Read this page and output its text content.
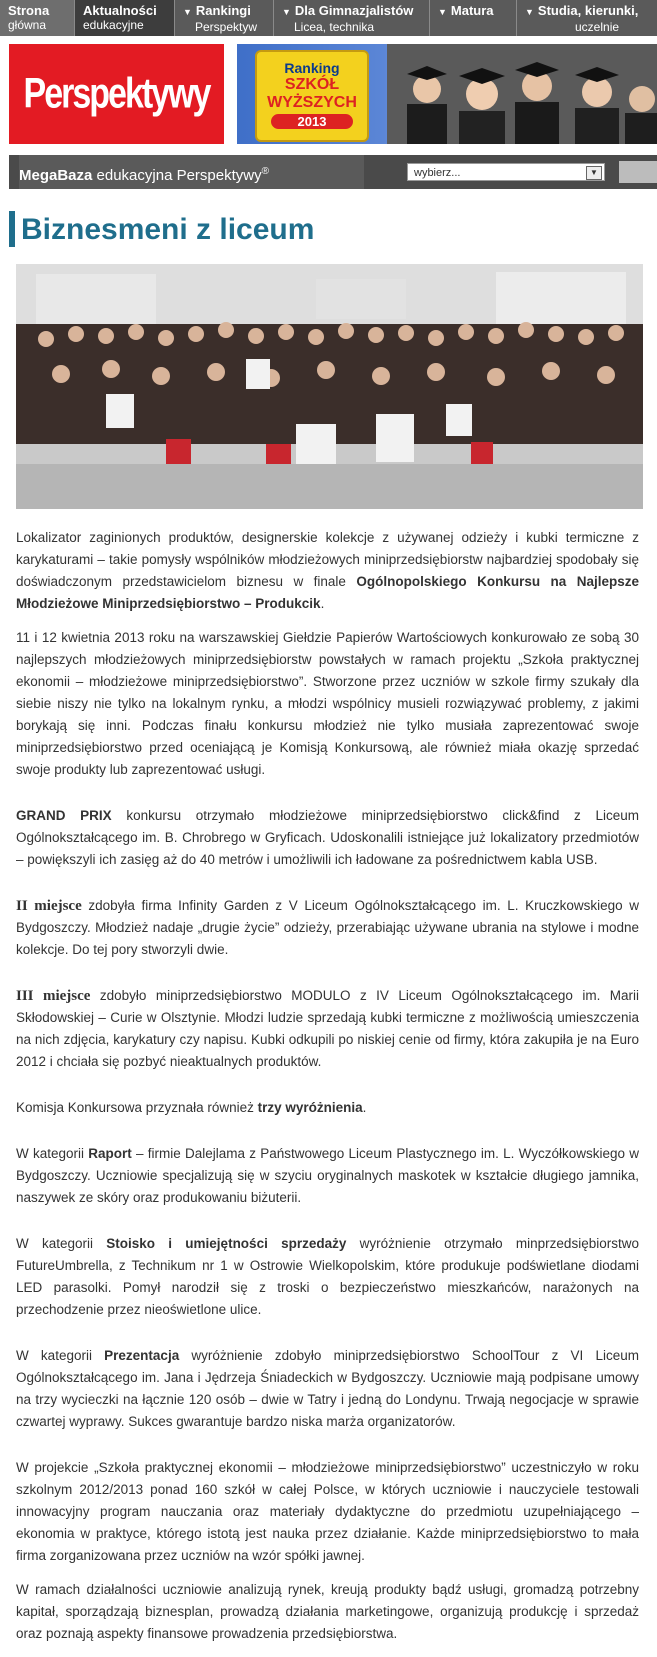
Strona
główna
Aktualności
edukacyjne
▼ Rankingi
Perspektyw
▼ Dla Gimnazjalistów
Licea, technika
▼ Matura	▼ Studia, kierunki,
uczelnie
Perspektywy
Ranking
SZKÓŁ
WYŻSZYCH
2013
MegaBaza edukacyjna Perspektywy®	wybierz...	▼
Biznesmeni z liceum

Lokalizator zaginionych produktów, designerskie kolekcje z używanej odzieży i kubki termiczne z karykaturami – takie pomysły wspólników młodzieżowych miniprzedsiębiorstw najbardziej spodobały się doświadczonym przedstawicielom biznesu w finale Ogólnopolskiego Konkursu na Najlepsze Młodzieżowe Miniprzedsiębiorstwo – Produkcik.

11 i 12 kwietnia 2013 roku na warszawskiej Giełdzie Papierów Wartościowych konkurowało ze sobą 30 najlepszych młodzieżowych miniprzedsiębiorstw powstałych w ramach projektu „Szkoła praktycznej ekonomii – młodzieżowe miniprzedsiębiorstwo”. Stworzone przez uczniów w szkole firmy szukały dla siebie niszy nie tylko na lokalnym rynku, a młodzi wspólnicy musieli rozwiązywać problemy, z jakimi borykają się inni. Podczas finału konkursu młodzież nie tylko musiała zaprezentować swoje miniprzedsiębiorstwo przed oceniającą je Komisją Konkursową, ale również miała okazję sprzedać swoje produkty lub zaprezentować usługi.

GRAND PRIX konkursu otrzymało młodzieżowe miniprzedsiębiorstwo click&find z Liceum Ogólnokształcącego im. B. Chrobrego w Gryficach. Udoskonalili istniejące już lokalizatory przedmiotów – powiększyli ich zasięg aż do 40 metrów i umożliwili ich ładowane za pośrednictwem kabla USB.

II miejsce zdobyła firma Infinity Garden z V Liceum Ogólnokształcącego im. L. Kruczkowskiego w Bydgoszczy. Młodzież nadaje „drugie życie” odzieży, przerabiając używane ubrania na stylowe i modne kolekcje. Do tej pory stworzyli dwie.

III miejsce zdobyło miniprzedsiębiorstwo MODULO z IV Liceum Ogólnokształcącego im. Marii Skłodowskiej – Curie w Olsztynie. Młodzi ludzie sprzedają kubki termiczne z możliwością umieszczenia na nich zdjęcia, karykatury czy napisu. Kubki odkupili po niskiej cenie od firmy, która zakupiła je na Euro 2012 i chciała się pozbyć nieaktualnych produktów.

Komisja Konkursowa przyznała również trzy wyróżnienia.

W kategorii Raport – firmie Dalejlama z Państwowego Liceum Plastycznego im. L. Wyczółkowskiego w Bydgoszczy. Uczniowie specjalizują się w szyciu oryginalnych maskotek w kształcie długiego jamnika, naszywek ze skóry oraz produkowaniu biżuterii.

W kategorii Stoisko i umiejętności sprzedaży wyróżnienie otrzymało minprzedsiębiorstwo FutureUmbrella, z Technikum nr 1 w Ostrowie Wielkopolskim, które produkuje podświetlane diodami LED parasolki. Pomył narodził się z troski o bezpieczeństwo mieszkańców, narażonych na przechodzenie przez nieoświetlone ulice.

W kategorii Prezentacja wyróżnienie zdobyło miniprzedsiębiorstwo SchoolTour z VI Liceum Ogólnokształcącego im. Jana i Jędrzeja Śniadeckich w Bydgoszczy. Uczniowie mają podpisane umowy na trzy wycieczki na łącznie 120 osób – dwie w Tatry i jedną do Londynu. Trwają negocjacje w sprawie czwartej wyprawy. Sukces gwarantuje bardzo niska marża organizatorów.

W projekcie „Szkoła praktycznej ekonomii – młodzieżowe miniprzedsiębiorstwo” uczestniczyło w roku szkolnym 2012/2013 ponad 160 szkół w całej Polsce, w których uczniowie i nauczyciele testowali innowacyjny program nauczania oraz materiały dydaktyczne do przedmiotu uzupełniającego – ekonomia w praktyce, którego istotą jest nauka przez działanie. Każde miniprzedsiębiorstwo to mała firma zorganizowana przez uczniów na wzór spółki jawnej.

W ramach działalności uczniowie analizują rynek, kreują produkty bądź usługi, gromadzą potrzebny kapitał, sporządzają biznesplan, prowadzą działania marketingowe, organizują produkcję i sprzedaż oraz poznają aspekty finansowe prowadzenia przedsiębiorstwa.
